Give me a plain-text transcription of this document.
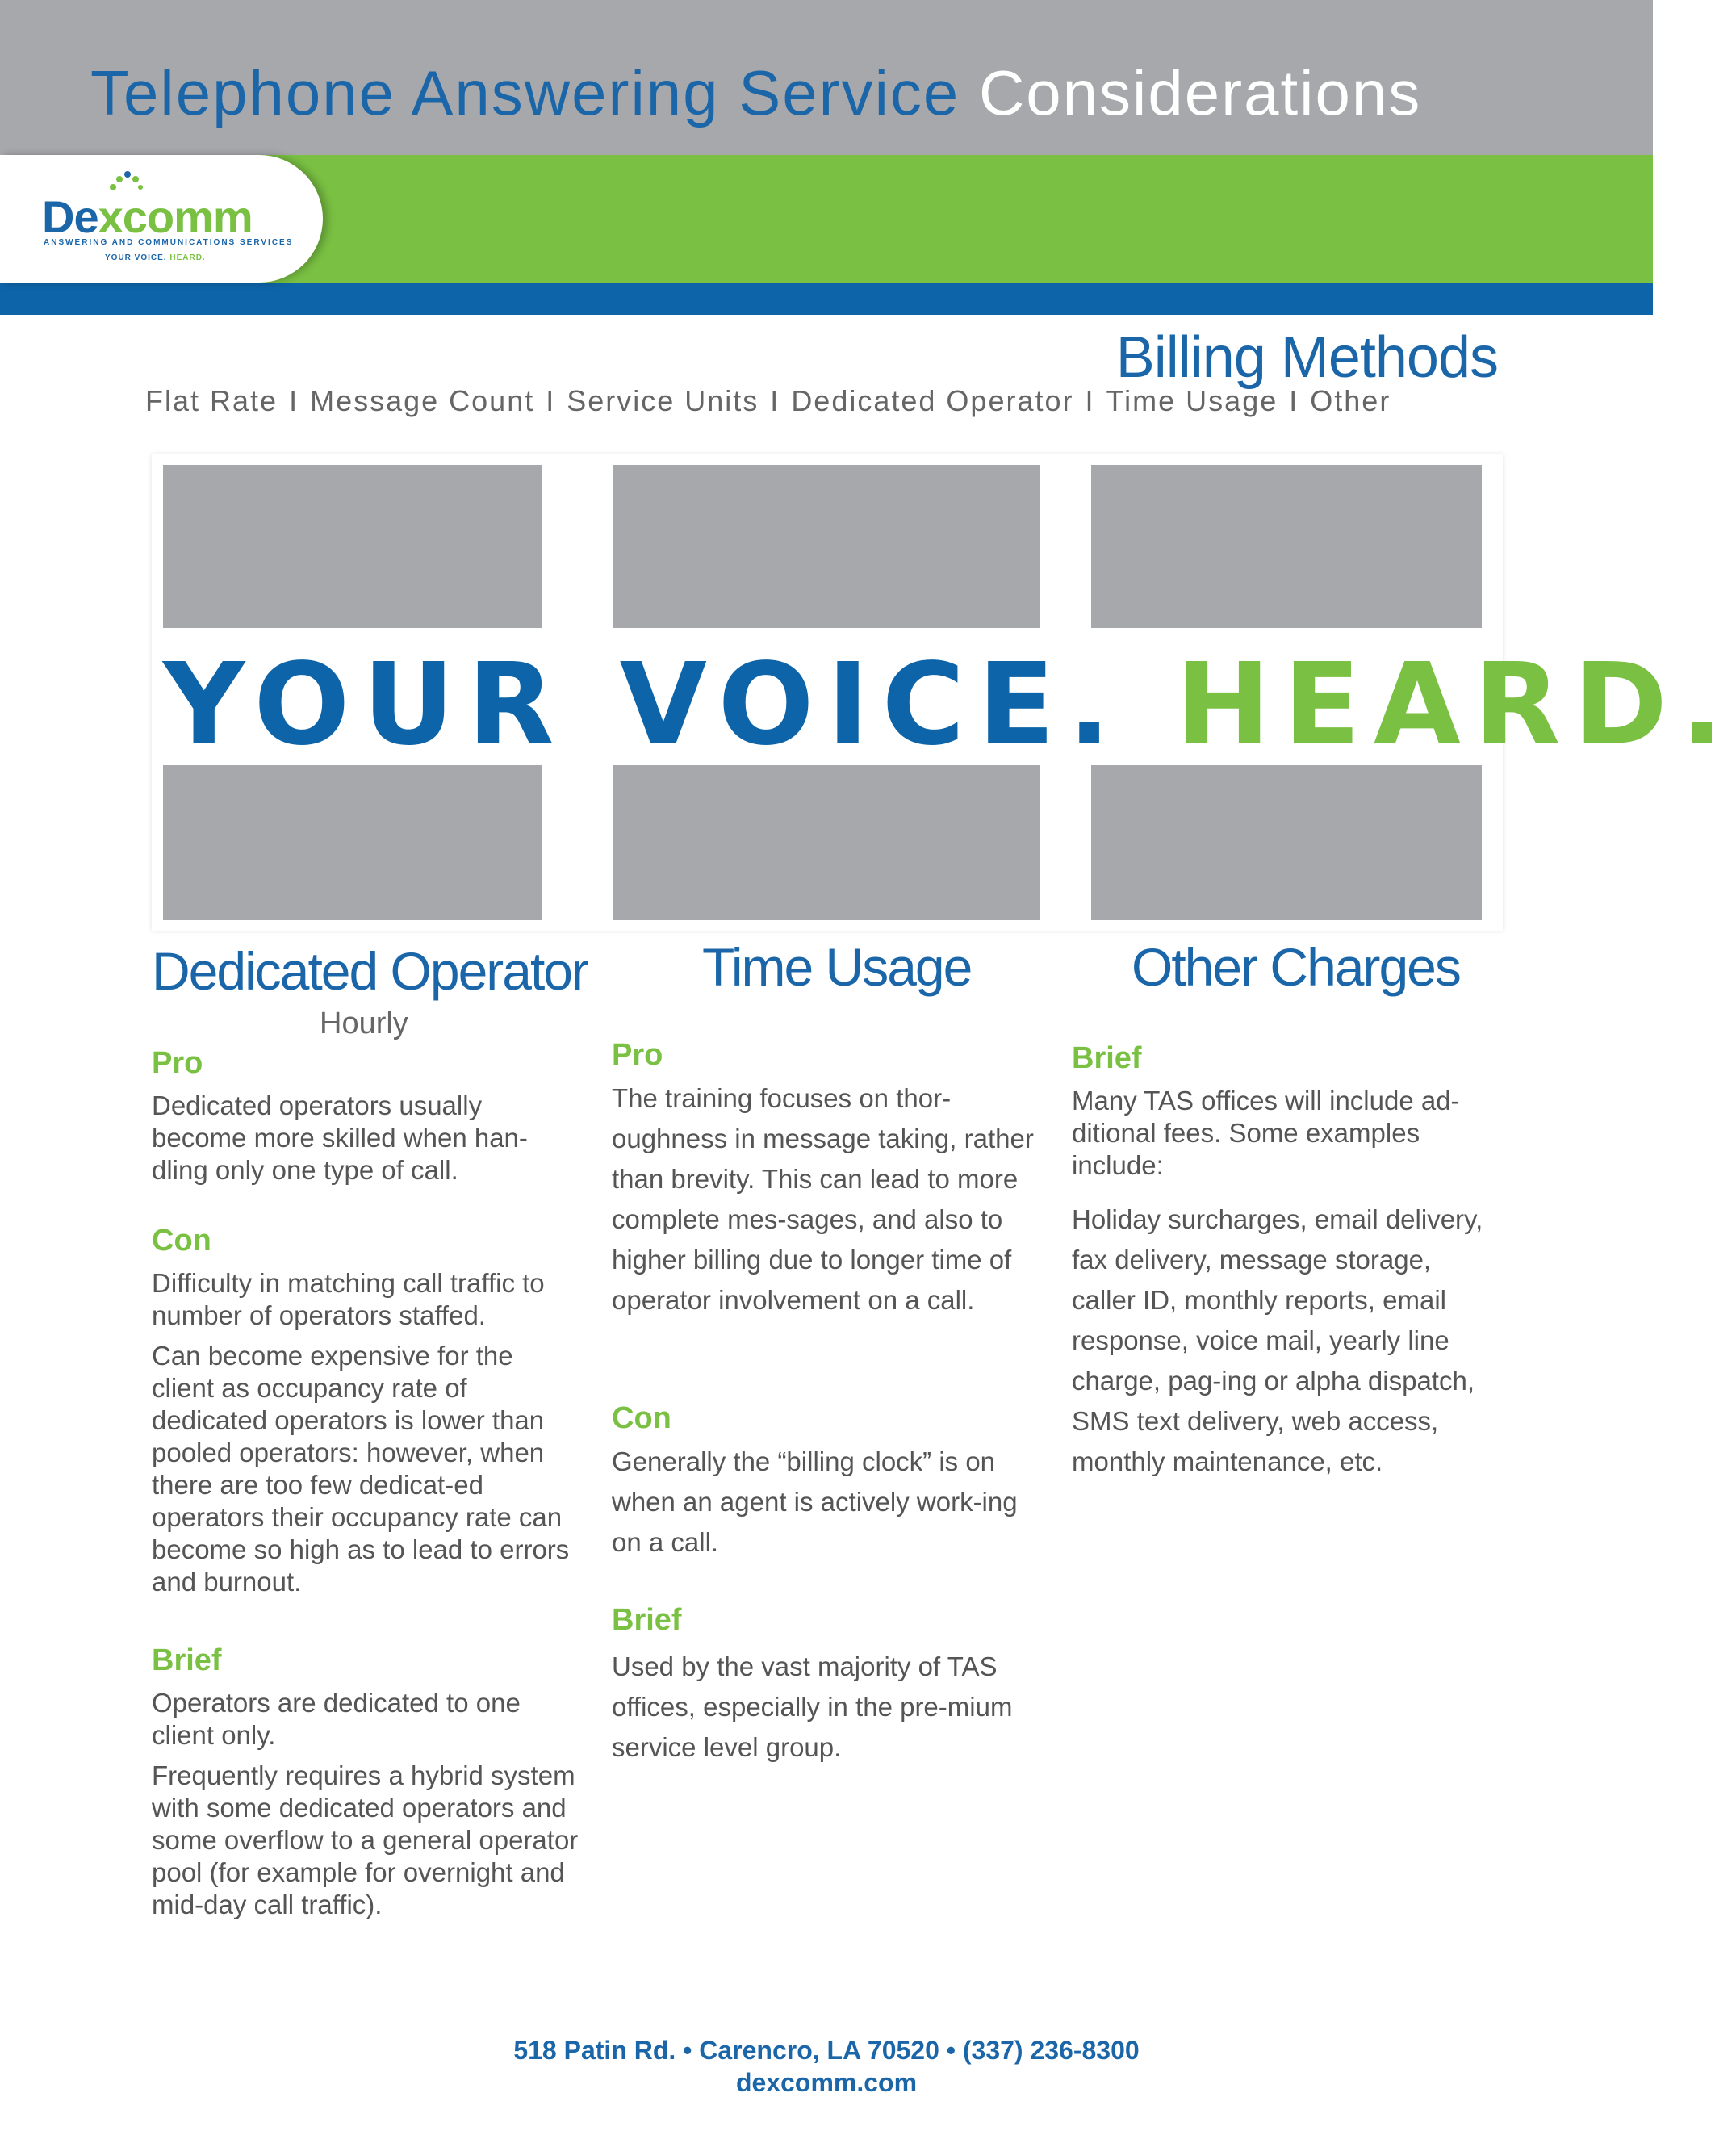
Telephone Answering Service Considerations
Dexcomm
ANSWERING AND COMMUNICATIONS SERVICES
YOUR VOICE. HEARD.
Billing Methods
Flat Rate I Message Count I Service Units I Dedicated Operator I Time Usage I Other
YOUR VOICE. HEARD.
Dedicated Operator
Hourly
Pro
Dedicated operators usually become more skilled when han-dling only one type of call.
Con
Difficulty in matching call traffic to number of operators staffed.
Can become expensive for the client as occupancy rate of dedicated operators is lower than pooled operators: however, when there are too few dedicat-ed operators their occupancy rate can become so high as to lead to errors and burnout.
Brief
Operators are dedicated to one client only.
Frequently requires a hybrid system with some dedicated operators and some overflow to a general operator pool (for example for overnight and mid-day call traffic).
Time Usage
Pro
The training focuses on thor-oughness in message taking, rather than brevity. This can lead to more complete mes-sages, and also to higher billing due to longer time of operator involvement on a call.
Con
Generally the “billing clock” is on when an agent is actively work-ing on a call.
Brief
Used by the vast majority of TAS offices, especially in the pre-mium service level group.
Other Charges
Brief
Many TAS offices will include ad-ditional fees. Some examples include:
Holiday surcharges, email delivery, fax delivery, message storage, caller ID, monthly reports, email response, voice mail, yearly line charge, pag-ing or alpha dispatch, SMS text delivery, web access, monthly maintenance, etc.
518 Patin Rd. • Carencro, LA 70520 • (337) 236-8300
dexcomm.com
